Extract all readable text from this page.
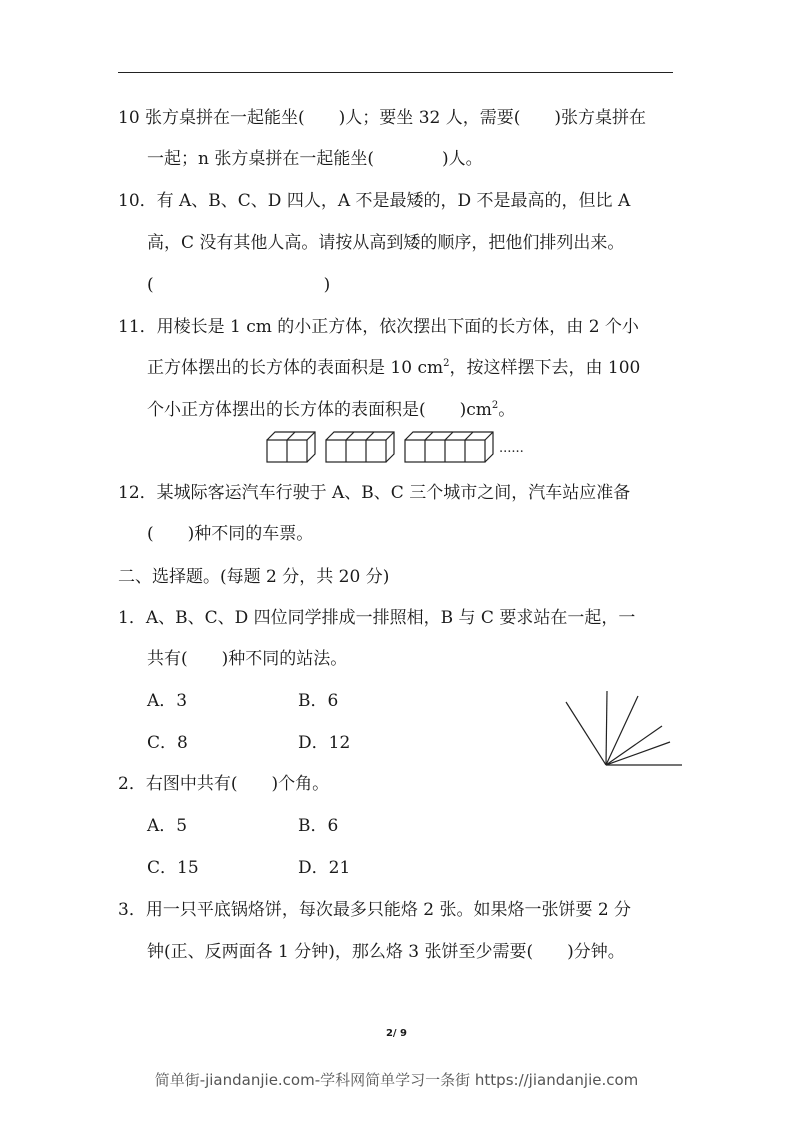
10 张方桌拼在一起能坐(　　)人；要坐 32 人，需要(　　)张方桌拼在
一起；n 张方桌拼在一起能坐(　　　　)人。
10．有 A、B、C、D 四人，A 不是最矮的，D 不是最高的，但比 A
高，C 没有其他人高。请按从高到矮的顺序，把他们排列出来。
(　　　　　　　　　　)
11．用棱长是 1 cm 的小正方体，依次摆出下面的长方体，由 2 个小
正方体摆出的长方体的表面积是 10 $cm^2$，按这样摆下去，由 100
个小正方体摆出的长方体的表面积是(　　)$cm^2$。
......
12．某城际客运汽车行驶于 A、B、C 三个城市之间，汽车站应准备
(　　)种不同的车票。
二、选择题。(每题 2 分，共 20 分)
1．A、B、C、D 四位同学排成一排照相，B 与 C 要求站在一起，一
共有(　　)种不同的站法。
A．3	B．6
C．8	D．12
2．右图中共有(　　)个角。
A．5	B．6
C．15	D．21
3．用一只平底锅烙饼，每次最多只能烙 2 张。如果烙一张饼要 2 分
钟(正、反两面各 1 分钟)，那么烙 3 张饼至少需要(　　)分钟。
2/ 9
简单街-jiandanjie.com-学科网简单学习一条街 https://jiandanjie.com
